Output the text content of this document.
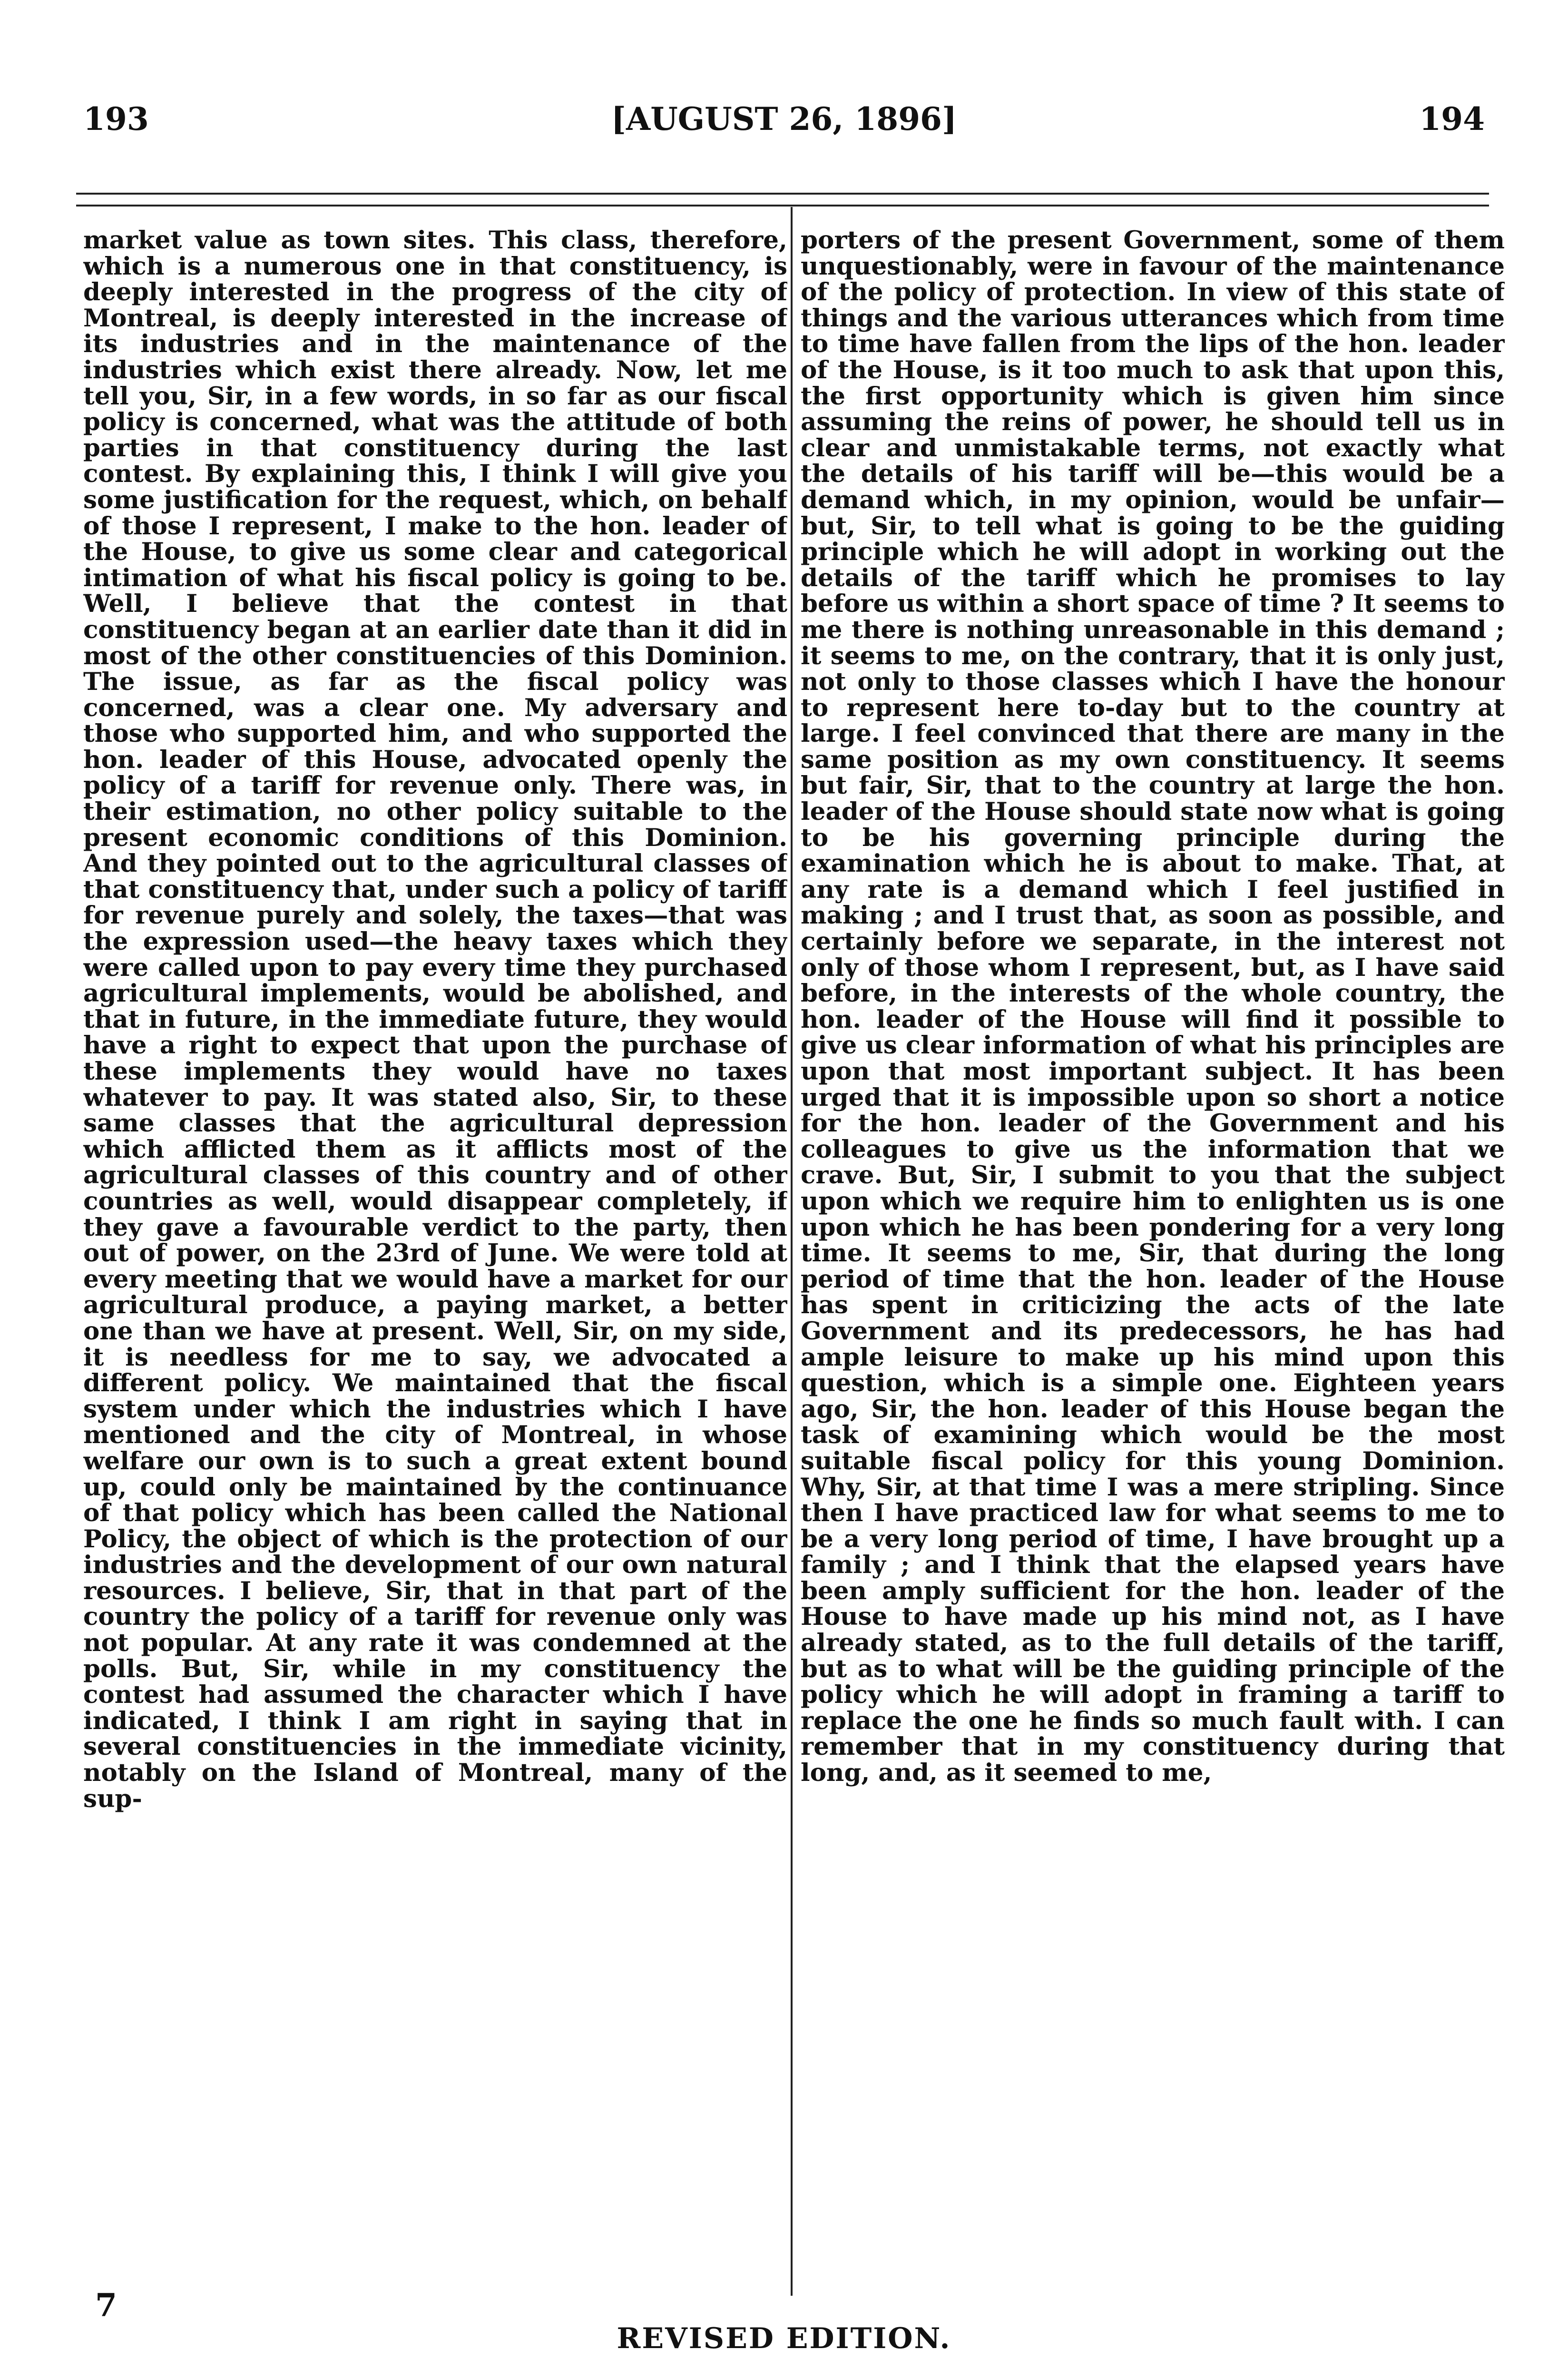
193	[AUGUST 26, 1896]	194

market value as town sites. This class, therefore, which is a numerous one in that constituency, is deeply interested in the progress of the city of Montreal, is deeply interested in the increase of its industries and in the maintenance of the industries which exist there already. Now, let me tell you, Sir, in a few words, in so far as our fiscal policy is concerned, what was the attitude of both parties in that constituency during the last contest. By explaining this, I think I will give you some justification for the request, which, on behalf of those I represent, I make to the hon. leader of the House, to give us some clear and categorical intimation of what his fiscal policy is going to be. Well, I believe that the contest in that constituency began at an earlier date than it did in most of the other constituencies of this Dominion. The issue, as far as the fiscal policy was concerned, was a clear one. My adversary and those who supported him, and who supported the hon. leader of this House, advocated openly the policy of a tariff for revenue only. There was, in their estimation, no other policy suitable to the present economic conditions of this Dominion. And they pointed out to the agricultural classes of that constituency that, under such a policy of tariff for revenue purely and solely, the taxes—that was the expression used—the heavy taxes which they were called upon to pay every time they purchased agricultural implements, would be abolished, and that in future, in the immediate future, they would have a right to expect that upon the purchase of these implements they would have no taxes whatever to pay. It was stated also, Sir, to these same classes that the agricultural depression which afflicted them as it afflicts most of the agricultural classes of this country and of other countries as well, would disappear completely, if they gave a favourable verdict to the party, then out of power, on the 23rd of June. We were told at every meeting that we would have a market for our agricultural produce, a paying market, a better one than we have at present. Well, Sir, on my side, it is needless for me to say, we advocated a different policy. We maintained that the fiscal system under which the industries which I have mentioned and the city of Montreal, in whose welfare our own is to such a great extent bound up, could only be maintained by the continuance of that policy which has been called the National Policy, the object of which is the protection of our industries and the development of our own natural resources. I believe, Sir, that in that part of the country the policy of a tariff for revenue only was not popular. At any rate it was condemned at the polls. But, Sir, while in my constituency the contest had assumed the character which I have indicated, I think I am right in saying that in several constituencies in the immediate vicinity, notably on the Island of Montreal, many of the sup-

porters of the present Government, some of them unquestionably, were in favour of the maintenance of the policy of protection. In view of this state of things and the various utterances which from time to time have fallen from the lips of the hon. leader of the House, is it too much to ask that upon this, the first opportunity which is given him since assuming the reins of power, he should tell us in clear and unmistakable terms, not exactly what the details of his tariff will be—this would be a demand which, in my opinion, would be unfair—but, Sir, to tell what is going to be the guiding principle which he will adopt in working out the details of the tariff which he promises to lay before us within a short space of time ? It seems to me there is nothing unreasonable in this demand ; it seems to me, on the contrary, that it is only just, not only to those classes which I have the honour to represent here to-day but to the country at large. I feel convinced that there are many in the same position as my own constituency. It seems but fair, Sir, that to the country at large the hon. leader of the House should state now what is going to be his governing principle during the examination which he is about to make. That, at any rate is a demand which I feel justified in making ; and I trust that, as soon as possible, and certainly before we separate, in the interest not only of those whom I represent, but, as I have said before, in the interests of the whole country, the hon. leader of the House will find it possible to give us clear information of what his principles are upon that most important subject. It has been urged that it is impossible upon so short a notice for the hon. leader of the Government and his colleagues to give us the information that we crave. But, Sir, I submit to you that the subject upon which we require him to enlighten us is one upon which he has been pondering for a very long time. It seems to me, Sir, that during the long period of time that the hon. leader of the House has spent in criticizing the acts of the late Government and its predecessors, he has had ample leisure to make up his mind upon this question, which is a simple one. Eighteen years ago, Sir, the hon. leader of this House began the task of examining which would be the most suitable fiscal policy for this young Dominion. Why, Sir, at that time I was a mere stripling. Since then I have practiced law for what seems to me to be a very long period of time, I have brought up a family ; and I think that the elapsed years have been amply sufficient for the hon. leader of the House to have made up his mind not, as I have already stated, as to the full details of the tariff, but as to what will be the guiding principle of the policy which he will adopt in framing a tariff to replace the one he finds so much fault with. I can remember that in my constituency during that long, and, as it seemed to me,

7
REVISED EDITION.
